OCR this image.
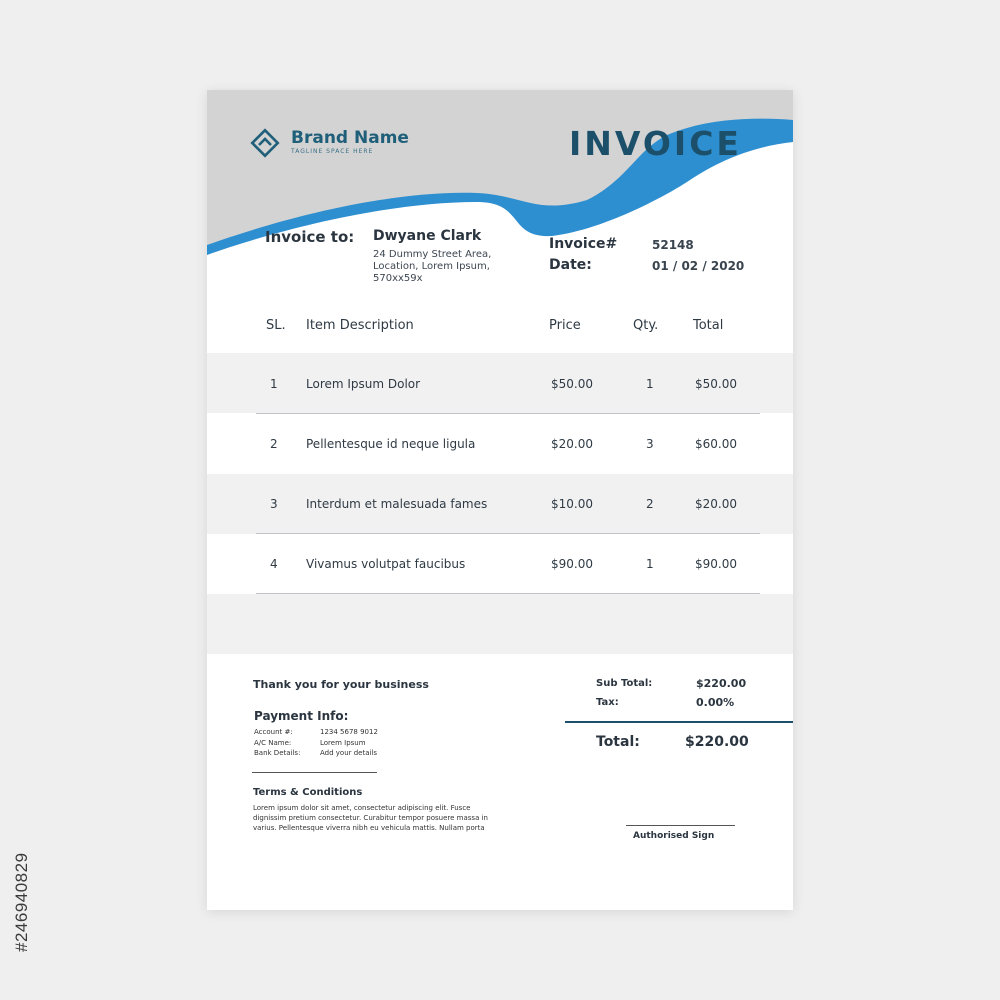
#246940829
Brand Name
TAGLINE SPACE HERE	INVOICE
Invoice to: Dwyane Clark
24 Dummy Street Area, Location, Lorem Ipsum, 570xx59x
Invoice#	52148
Date:	01 / 02 / 2020
SL. Item Description	Price	Qty.	Total
1 Lorem Ipsum Dolor	$50.00	1	$50.00
2 Pellentesque id neque ligula	$20.00	3	$60.00
3 Interdum et malesuada fames	$10.00	2	$20.00
4 Vivamus volutpat faucibus	$90.00	1	$90.00
Thank you for your business
Payment Info:
Account #:	1234 5678 9012
A/C Name:	Lorem Ipsum
Bank Details:	Add your details
Terms & Conditions
Lorem ipsum dolor sit amet, consectetur adipiscing elit. Fusce dignissim pretium consectetur. Curabitur tempor posuere massa in varius. Pellentesque viverra nibh eu vehicula mattis. Nullam porta
Sub Total:	$220.00
Tax:	0.00%
Total:	$220.00
Authorised Sign
